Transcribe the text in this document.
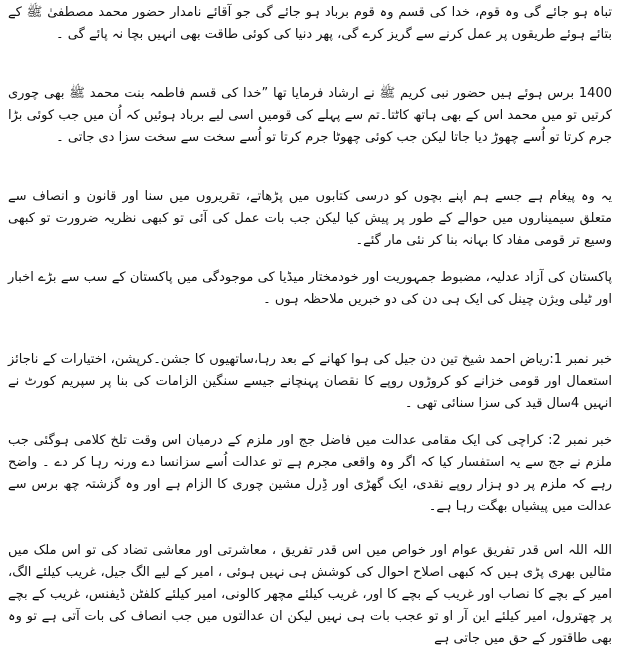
تباہ ہو جائے گی وہ قوم، خدا کی قسم وہ قوم برباد ہو جائے گی جو آقائے نامدار حضور محمد مصطفیٰ ﷺ کے بتائے ہوئے طریقوں پر عمل کرنے سے گریز کرے گی، پھر دنیا کی کوئی طاقت بھی انہیں بچا نہ پائے گی ۔

1400 برس ہوئے ہیں حضور نبی کریم ﷺ نے ارشاد فرمایا تھا ”خدا کی قسم فاطمہ بنت محمد ﷺ بھی چوری کرتیں تو میں محمد اس کے بھی ہاتھ کاٹتا۔تم سے پہلے کی قومیں اسی لیے برباد ہوئیں کہ اُن میں جب کوئی بڑا جرم کرتا تو اُسے چھوڑ دیا جاتا لیکن جب کوئی چھوٹا جرم کرتا تو اُسے سخت سے سخت سزا دی جاتی ۔

یہ وہ پیغام ہے جسے ہم اپنے بچوں کو درسی کتابوں میں پڑھاتے، تقریروں میں سنا اور قانون و انصاف سے متعلق سیمیناروں میں حوالے کے طور پر پیش کیا لیکن جب بات عمل کی آئی تو کبھی نظریہ ضرورت تو کبھی وسیع تر قومی مفاد کا بہانہ بنا کر نئی مار گئے۔

پاکستان کی آزاد عدلیہ، مضبوط جمہوریت اور خودمختار میڈیا کی موجودگی میں پاکستان کے سب سے بڑے اخبار اور ٹیلی ویژن چینل کی ایک ہی دن کی دو خبریں ملاحظہ ہوں ۔

خبر نمبر 1:ریاض احمد شیخ تین دن جیل کی ہوا کھانے کے بعد رہا،ساتھیوں کا جشن۔کرپشن، اختیارات کے ناجائز استعمال اور قومی خزانے کو کروڑوں روپے کا نقصان پہنچانے جیسے سنگین الزامات کی بنا پر سپریم کورٹ نے انہیں 4سال قید کی سزا سنائی تھی ۔

خبر نمبر 2: کراچی کی ایک مقامی عدالت میں فاضل جج اور ملزم کے درمیان اس وقت تلخ کلامی ہوگئی جب ملزم نے جج سے یہ استفسار کیا کہ اگر وہ واقعی مجرم ہے تو عدالت اُسے سزانسا دے ورنہ رہا کر دے ۔ واضح رہے کہ ملزم پر دو ہزار روپے نقدی، ایک گھڑی اور ڈِرل مشین چوری کا الزام ہے اور وہ گزشتہ چھ برس سے عدالت میں پیشیاں بھگت رہا ہے۔

اللہ اللہ اس قدر تفریق عوام اور خواص میں اس قدر تفریق ، معاشرتی اور معاشی تضاد کی تو اس ملک میں مثالیں بھری پڑی ہیں کہ کبھی اصلاح احوال کی کوشش ہی نہیں ہوئی ، امیر کے لیے الگ جیل، غریب کیلئے الگ، امیر کے بچے کا نصاب اور غریب کے بچے کا اور، غریب کیلئے مچھر کالونی، امیر کیلئے کلفٹن ڈیفنس، غریب کے بچے پر چھترول، امیر کیلئے این آر او تو عجب بات ہی نہیں لیکن ان عدالتوں میں جب انصاف کی بات آتی ہے تو وہ بھی طاقتور کے حق میں جاتی ہے
